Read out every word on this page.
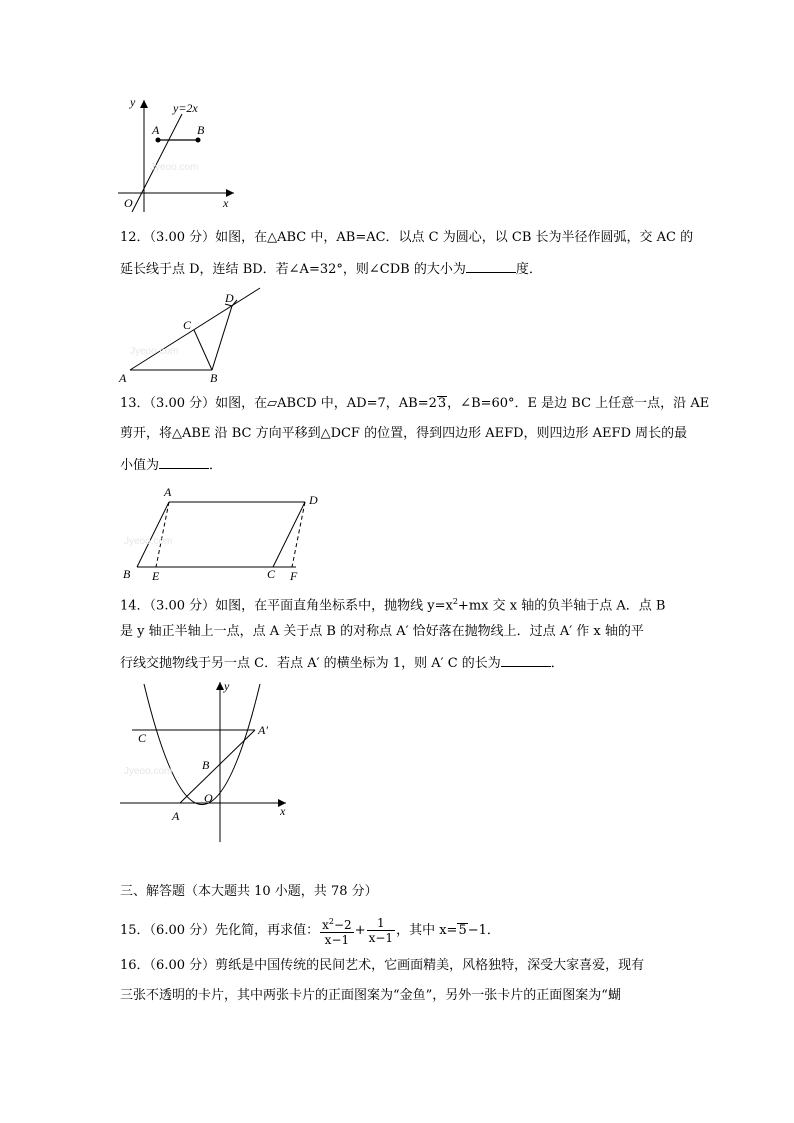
y	y=2x
A	B
O	x
Jyeoo.com
12．（3.00 分）如图，在△ABC 中，AB=AC．以点 C 为圆心，以 CB 长为半径作圆弧，交 AC 的
延长线于点 D，连结 BD．若∠A=32°，则∠CDB 的大小为	度．
A	B
C
D
Jyeoo.com
13．（3.00 分）如图，在▱ABCD 中，AD=7，AB=23，∠B=60°．E 是边 BC 上任意一点，沿 AE
剪开，将△ABE 沿 BC 方向平移到△DCF 的位置，得到四边形 AEFD，则四边形 AEFD 周长的最
小值为	．
A
D
B E	C F
Jyeoo.com
14．（3.00 分）如图，在平面直角坐标系中，抛物线 $y=x^2+mx$ 交 x 轴的负半轴于点 A．点 B
是 y 轴正半轴上一点，点 A 关于点 B 的对称点 A′ 恰好落在抛物线上．过点 A′ 作 x 轴的平
行线交抛物线于另一点 C．若点 A′ 的横坐标为 1，则 A′ C 的长为	．
y
C
A′
B
O
A	x
Jyeoo.com
三、解答题（本大题共 10 小题，共 78 分）
15．（6.00 分）先化简，再求值： $\frac{x^2-2}{x-1} + \frac{1}{x-1}$ ，其中 x=5−1．
16．（6.00 分）剪纸是中国传统的民间艺术，它画面精美，风格独特，深受大家喜爱，现有
三张不透明的卡片，其中两张卡片的正面图案为“金鱼”，另外一张卡片的正面图案为“蝴
